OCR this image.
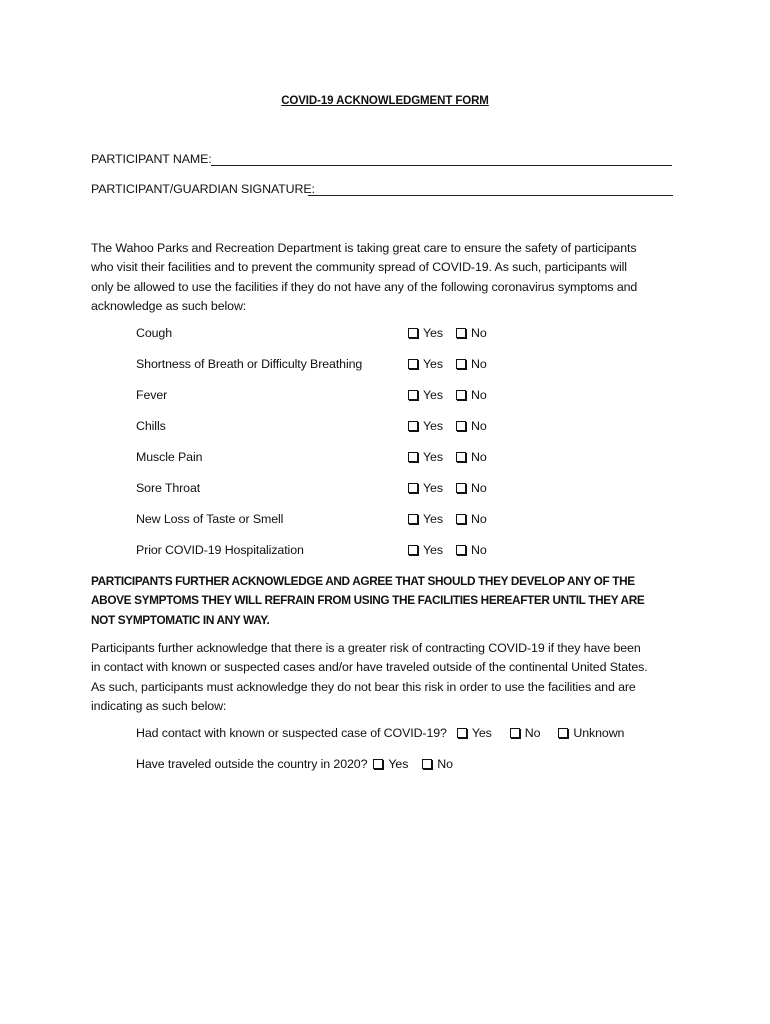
COVID-19 ACKNOWLEDGMENT FORM
PARTICIPANT NAME:
PARTICIPANT/GUARDIAN SIGNATURE:
The Wahoo Parks and Recreation Department is taking great care to ensure the safety of participants
who visit their facilities and to prevent the community spread of COVID-19. As such, participants will
only be allowed to use the facilities if they do not have any of the following coronavirus symptoms and
acknowledge as such below:
Cough	Yes No
Shortness of Breath or Difficulty Breathing	Yes No
Fever	Yes No
Chills	Yes No
Muscle Pain	Yes No
Sore Throat	Yes No
New Loss of Taste or Smell	Yes No
Prior COVID-19 Hospitalization	Yes No
PARTICIPANTS FURTHER ACKNOWLEDGE AND AGREE THAT SHOULD THEY DEVELOP ANY OF THE
ABOVE SYMPTOMS THEY WILL REFRAIN FROM USING THE FACILITIES HEREAFTER UNTIL THEY ARE
NOT SYMPTOMATIC IN ANY WAY.
Participants further acknowledge that there is a greater risk of contracting COVID-19 if they have been
in contact with known or suspected cases and/or have traveled outside of the continental United States.
As such, participants must acknowledge they do not bear this risk in order to use the facilities and are
indicating as such below:
Had contact with known or suspected case of COVID-19? Yes	No	Unknown
Have traveled outside the country in 2020? Yes No
